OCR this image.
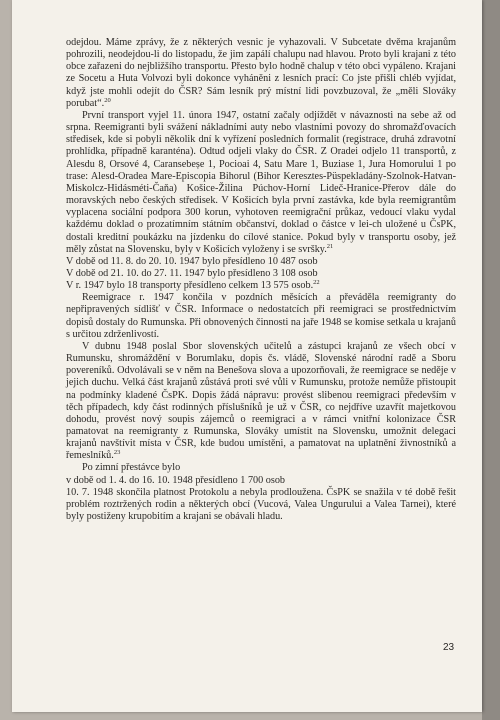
odejdou. Máme zprávy, že z některých vesnic je vyhazovali. V Subcetate dvěma krajanům pohrozili, neodejdou-li do listopadu, že jim zapálí chalupu nad hlavou. Proto byli krajani z této obce zařazeni do nejbližšího transportu. Přesto bylo hodně chalup v této obci vypáleno. Krajani ze Socetu a Huta Volvozi byli dokonce vyháněni z lesních prací: Co jste přišli chléb vyjídat, když jste mohli odejít do ČSR? Sám lesník prý místní lidi povzbuzoval, že „měli Slováky porubat“.$^{20}$

První transport vyjel 11. února 1947, ostatní začaly odjíždět v návaznosti na sebe až od srpna. Reemigranti byli svážení nákladními auty nebo vlastními povozy do shromažďovacích středisek, kde si pobyli několik dní k vyřízení posledních formalit (registrace, druhá zdravotní prohlídka, případně karanténa). Odtud odjeli vlaky do ČSR. Z Oradei odjelo 11 transportů, z Alesdu 8, Orsové 4, Caransebeșe 1, Pocioai 4, Satu Mare 1, Buziase 1, Jura Homorului 1 po trase: Alesd-Oradea Mare-Episcopia Bihorul (Bihor Keresztes-Püspekladány-Szolnok-Hatvan-Miskolcz-Hidásméti-Čaňa) Košice-Žilina Púchov-Horní Lideč-Hranice-Přerov dále do moravských nebo českých středisek. V Košicích byla první zastávka, kde byla reemigrantům vyplacena sociální podpora 300 korun, vyhotoven reemigrační průkaz, vedoucí vlaku vydal každému doklad o prozatímním státním občanství, doklad o částce v lei-ch uložené u ČsPK, dostali kreditní poukázku na jízdenku do cílové stanice. Pokud byly v transportu osoby, jež měly zůstat na Slovensku, byly v Košicích vyloženy i se svršky.$^{21}$

V době od 11. 8. do 20. 10. 1947 bylo přesídleno 10 487 osob

V době od 21. 10. do 27. 11. 1947 bylo přesídleno 3 108 osob

V r. 1947 bylo 18 transporty přesídleno celkem 13 575 osob.$^{22}$

Reemigrace r. 1947 končila v pozdních měsících a převáděla reemigranty do nepřipravených sídlišť v ČSR. Informace o nedostatcích při reemigraci se prostřednictvím dopisů dostaly do Rumunska. Při obnovených činnosti na jaře 1948 se komise setkala u krajanů s určitou zdrženlivostí.

V dubnu 1948 poslal Sbor slovenských učitelů a zástupci krajanů ze všech obcí v Rumunsku, shromáždění v Borumlaku, dopis čs. vládě, Slovenské národní radě a Sboru povereníků. Odvolávali se v něm na Benešova slova a upozorňovali, že reemigrace se neděje v jejich duchu. Velká část krajanů zůstává proti své vůli v Rumunsku, protože nemůže přistoupit na podmínky kladené ČsPK. Dopis žádá nápravu: provést slibenou reemigraci především v těch případech, kdy část rodinných příslušníků je už v ČSR, co nejdříve uzavřít majetkovou dohodu, provést nový soupis zájemců o reemigraci a v rámci vnitřní kolonizace ČSR pamatovat na reemigranty z Rumunska, Slováky umístit na Slovensku, umožnit delegaci krajanů navštívit místa v ČSR, kde budou umístěni, a pamatovat na uplatnění živnostníků a řemeslníků.$^{23}$

Po zimní přestávce bylo

v době od 1. 4. do 16. 10. 1948 přesídleno 1 700 osob

10. 7. 1948 skončila platnost Protokolu a nebyla prodloužena. ČsPK se snažila v té době řešit problém roztržených rodin a některých obcí (Vucová, Valea Ungurului a Valea Tarnei), které byly postiženy krupobitím a krajani se obávali hladu.

23
